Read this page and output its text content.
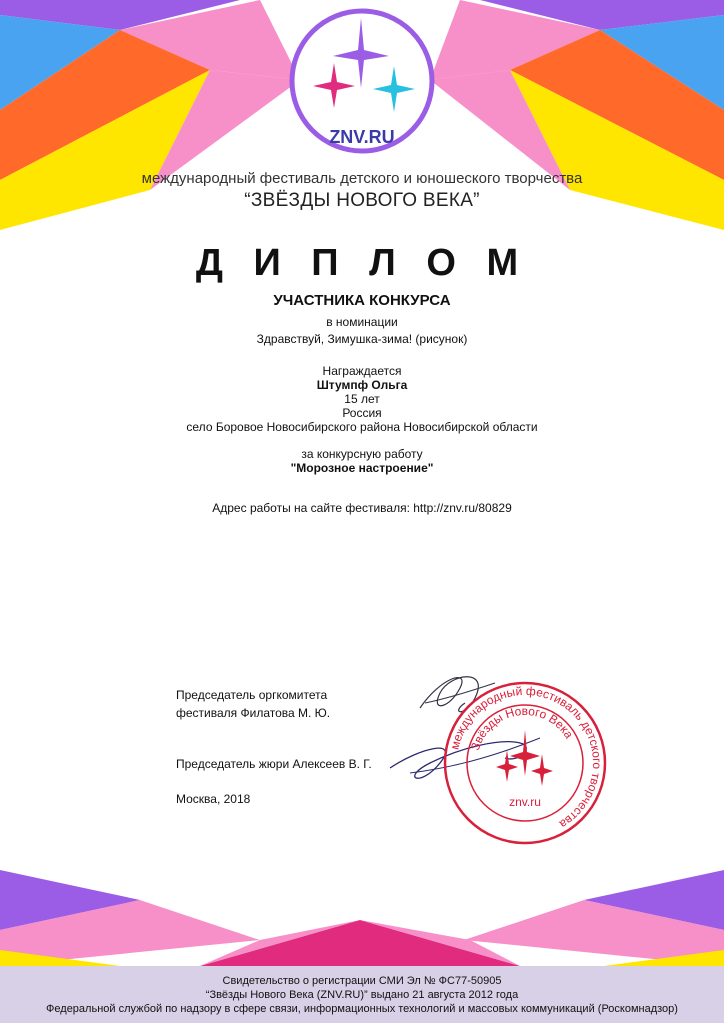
ZNV.RU
международный фестиваль детского и юношеского творчества
“ЗВЁЗДЫ НОВОГО ВЕКА”
Д И П Л О М
УЧАСТНИКА КОНКУРСА
в номинации
Здравствуй, Зимушка-зима! (рисунок)
Награждается
Штумпф Ольга
15 лет
Россия
село Боровое Новосибирского района Новосибирской области
за конкурсную работу
"Морозное настроение"
Адрес работы на сайте фестиваля: http://znv.ru/80829
Председатель оргкомитета
фестиваля Филатова М. Ю.
Председатель жюри Алексеев В. Г.
Москва, 2018
международный фестиваль детского творчества
Звёзды Нового Века
znv.ru
Свидетельство о регистрации СМИ Эл № ФС77-50905
“Звёзды Нового Века (ZNV.RU)” выдано 21 августа 2012 года
Федеральной службой по надзору в сфере связи, информационных технологий и массовых коммуникаций (Роскомнадзор)
